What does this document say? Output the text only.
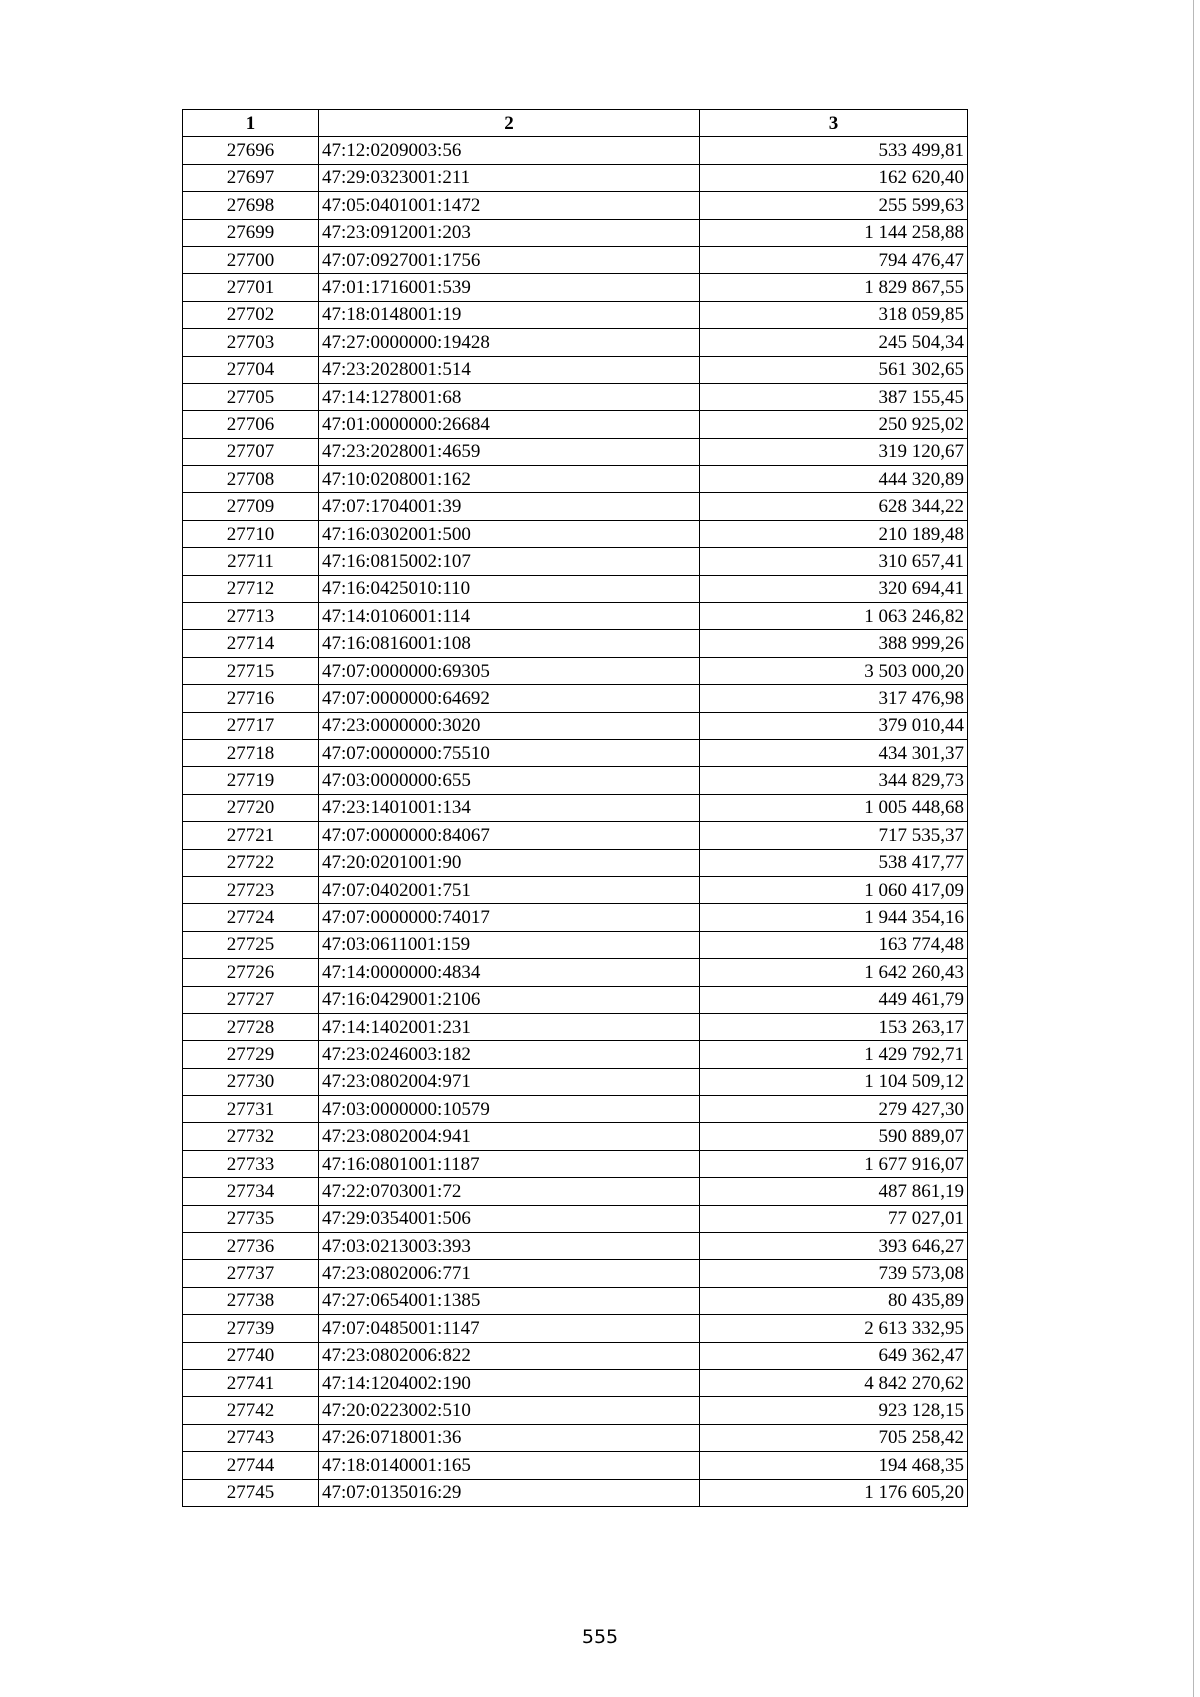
1	2	3
27696	47:12:0209003:56	533 499,81
27697	47:29:0323001:211	162 620,40
27698	47:05:0401001:1472	255 599,63
27699	47:23:0912001:203	1 144 258,88
27700	47:07:0927001:1756	794 476,47
27701	47:01:1716001:539	1 829 867,55
27702	47:18:0148001:19	318 059,85
27703	47:27:0000000:19428	245 504,34
27704	47:23:2028001:514	561 302,65
27705	47:14:1278001:68	387 155,45
27706	47:01:0000000:26684	250 925,02
27707	47:23:2028001:4659	319 120,67
27708	47:10:0208001:162	444 320,89
27709	47:07:1704001:39	628 344,22
27710	47:16:0302001:500	210 189,48
27711	47:16:0815002:107	310 657,41
27712	47:16:0425010:110	320 694,41
27713	47:14:0106001:114	1 063 246,82
27714	47:16:0816001:108	388 999,26
27715	47:07:0000000:69305	3 503 000,20
27716	47:07:0000000:64692	317 476,98
27717	47:23:0000000:3020	379 010,44
27718	47:07:0000000:75510	434 301,37
27719	47:03:0000000:655	344 829,73
27720	47:23:1401001:134	1 005 448,68
27721	47:07:0000000:84067	717 535,37
27722	47:20:0201001:90	538 417,77
27723	47:07:0402001:751	1 060 417,09
27724	47:07:0000000:74017	1 944 354,16
27725	47:03:0611001:159	163 774,48
27726	47:14:0000000:4834	1 642 260,43
27727	47:16:0429001:2106	449 461,79
27728	47:14:1402001:231	153 263,17
27729	47:23:0246003:182	1 429 792,71
27730	47:23:0802004:971	1 104 509,12
27731	47:03:0000000:10579	279 427,30
27732	47:23:0802004:941	590 889,07
27733	47:16:0801001:1187	1 677 916,07
27734	47:22:0703001:72	487 861,19
27735	47:29:0354001:506	77 027,01
27736	47:03:0213003:393	393 646,27
27737	47:23:0802006:771	739 573,08
27738	47:27:0654001:1385	80 435,89
27739	47:07:0485001:1147	2 613 332,95
27740	47:23:0802006:822	649 362,47
27741	47:14:1204002:190	4 842 270,62
27742	47:20:0223002:510	923 128,15
27743	47:26:0718001:36	705 258,42
27744	47:18:0140001:165	194 468,35
27745	47:07:0135016:29	1 176 605,20
555
